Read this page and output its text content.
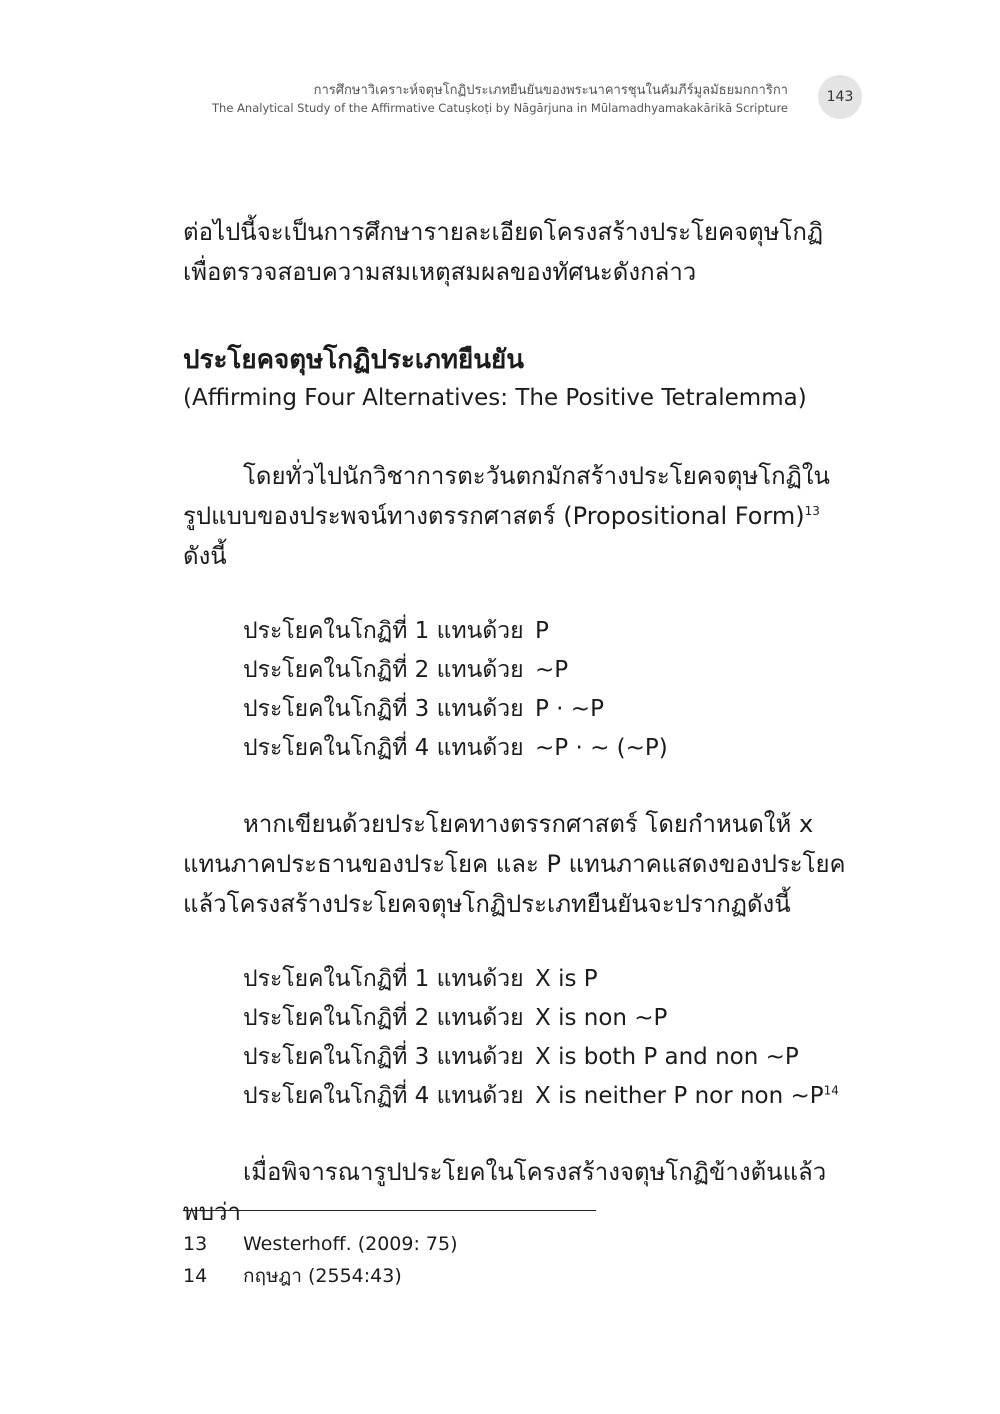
การศึกษาวิเคราะห์จตุษโกฏิประเภทยืนยันของพระนาคารชุนในคัมภีร์มูลมัธยมกการิกา
The Analytical Study of the Affirmative Catuṣkoṭi by Nāgārjuna in Mūlamadhyamakakārikā Scripture
143

ต่อไปนี้จะเป็นการศึกษารายละเอียดโครงสร้างประโยคจตุษโกฏิเพื่อตรวจสอบความสมเหตุสมผลของทัศนะดังกล่าว

ประโยคจตุษโกฏิประเภทยืนยัน

(Affirming Four Alternatives: The Positive Tetralemma)

โดยทั่วไปนักวิชาการตะวันตกมักสร้างประโยคจตุษโกฏิในรูปแบบของประพจน์ทางตรรกศาสตร์ (Propositional Form)$^{13}$ ดังนี้

ประโยคในโกฏิที่ 1 แทนด้วย P
ประโยคในโกฏิที่ 2 แทนด้วย ~P
ประโยคในโกฏิที่ 3 แทนด้วย P · ~P
ประโยคในโกฏิที่ 4 แทนด้วย ~P · ~ (~P)

หากเขียนด้วยประโยคทางตรรกศาสตร์ โดยกำหนดให้ x แทนภาคประธานของประโยค และ P แทนภาคแสดงของประโยคแล้วโครงสร้างประโยคจตุษโกฏิประเภทยืนยันจะปรากฏดังนี้

ประโยคในโกฏิที่ 1 แทนด้วย X is P
ประโยคในโกฏิที่ 2 แทนด้วย X is non ~P
ประโยคในโกฏิที่ 3 แทนด้วย X is both P and non ~P
ประโยคในโกฏิที่ 4 แทนด้วย X is neither P nor non $\sim P^{14}$

เมื่อพิจารณารูปประโยคในโครงสร้างจตุษโกฏิข้างต้นแล้วพบว่า

13	Westerhoff. (2009: 75)
14	กฤษฎา (2554:43)
